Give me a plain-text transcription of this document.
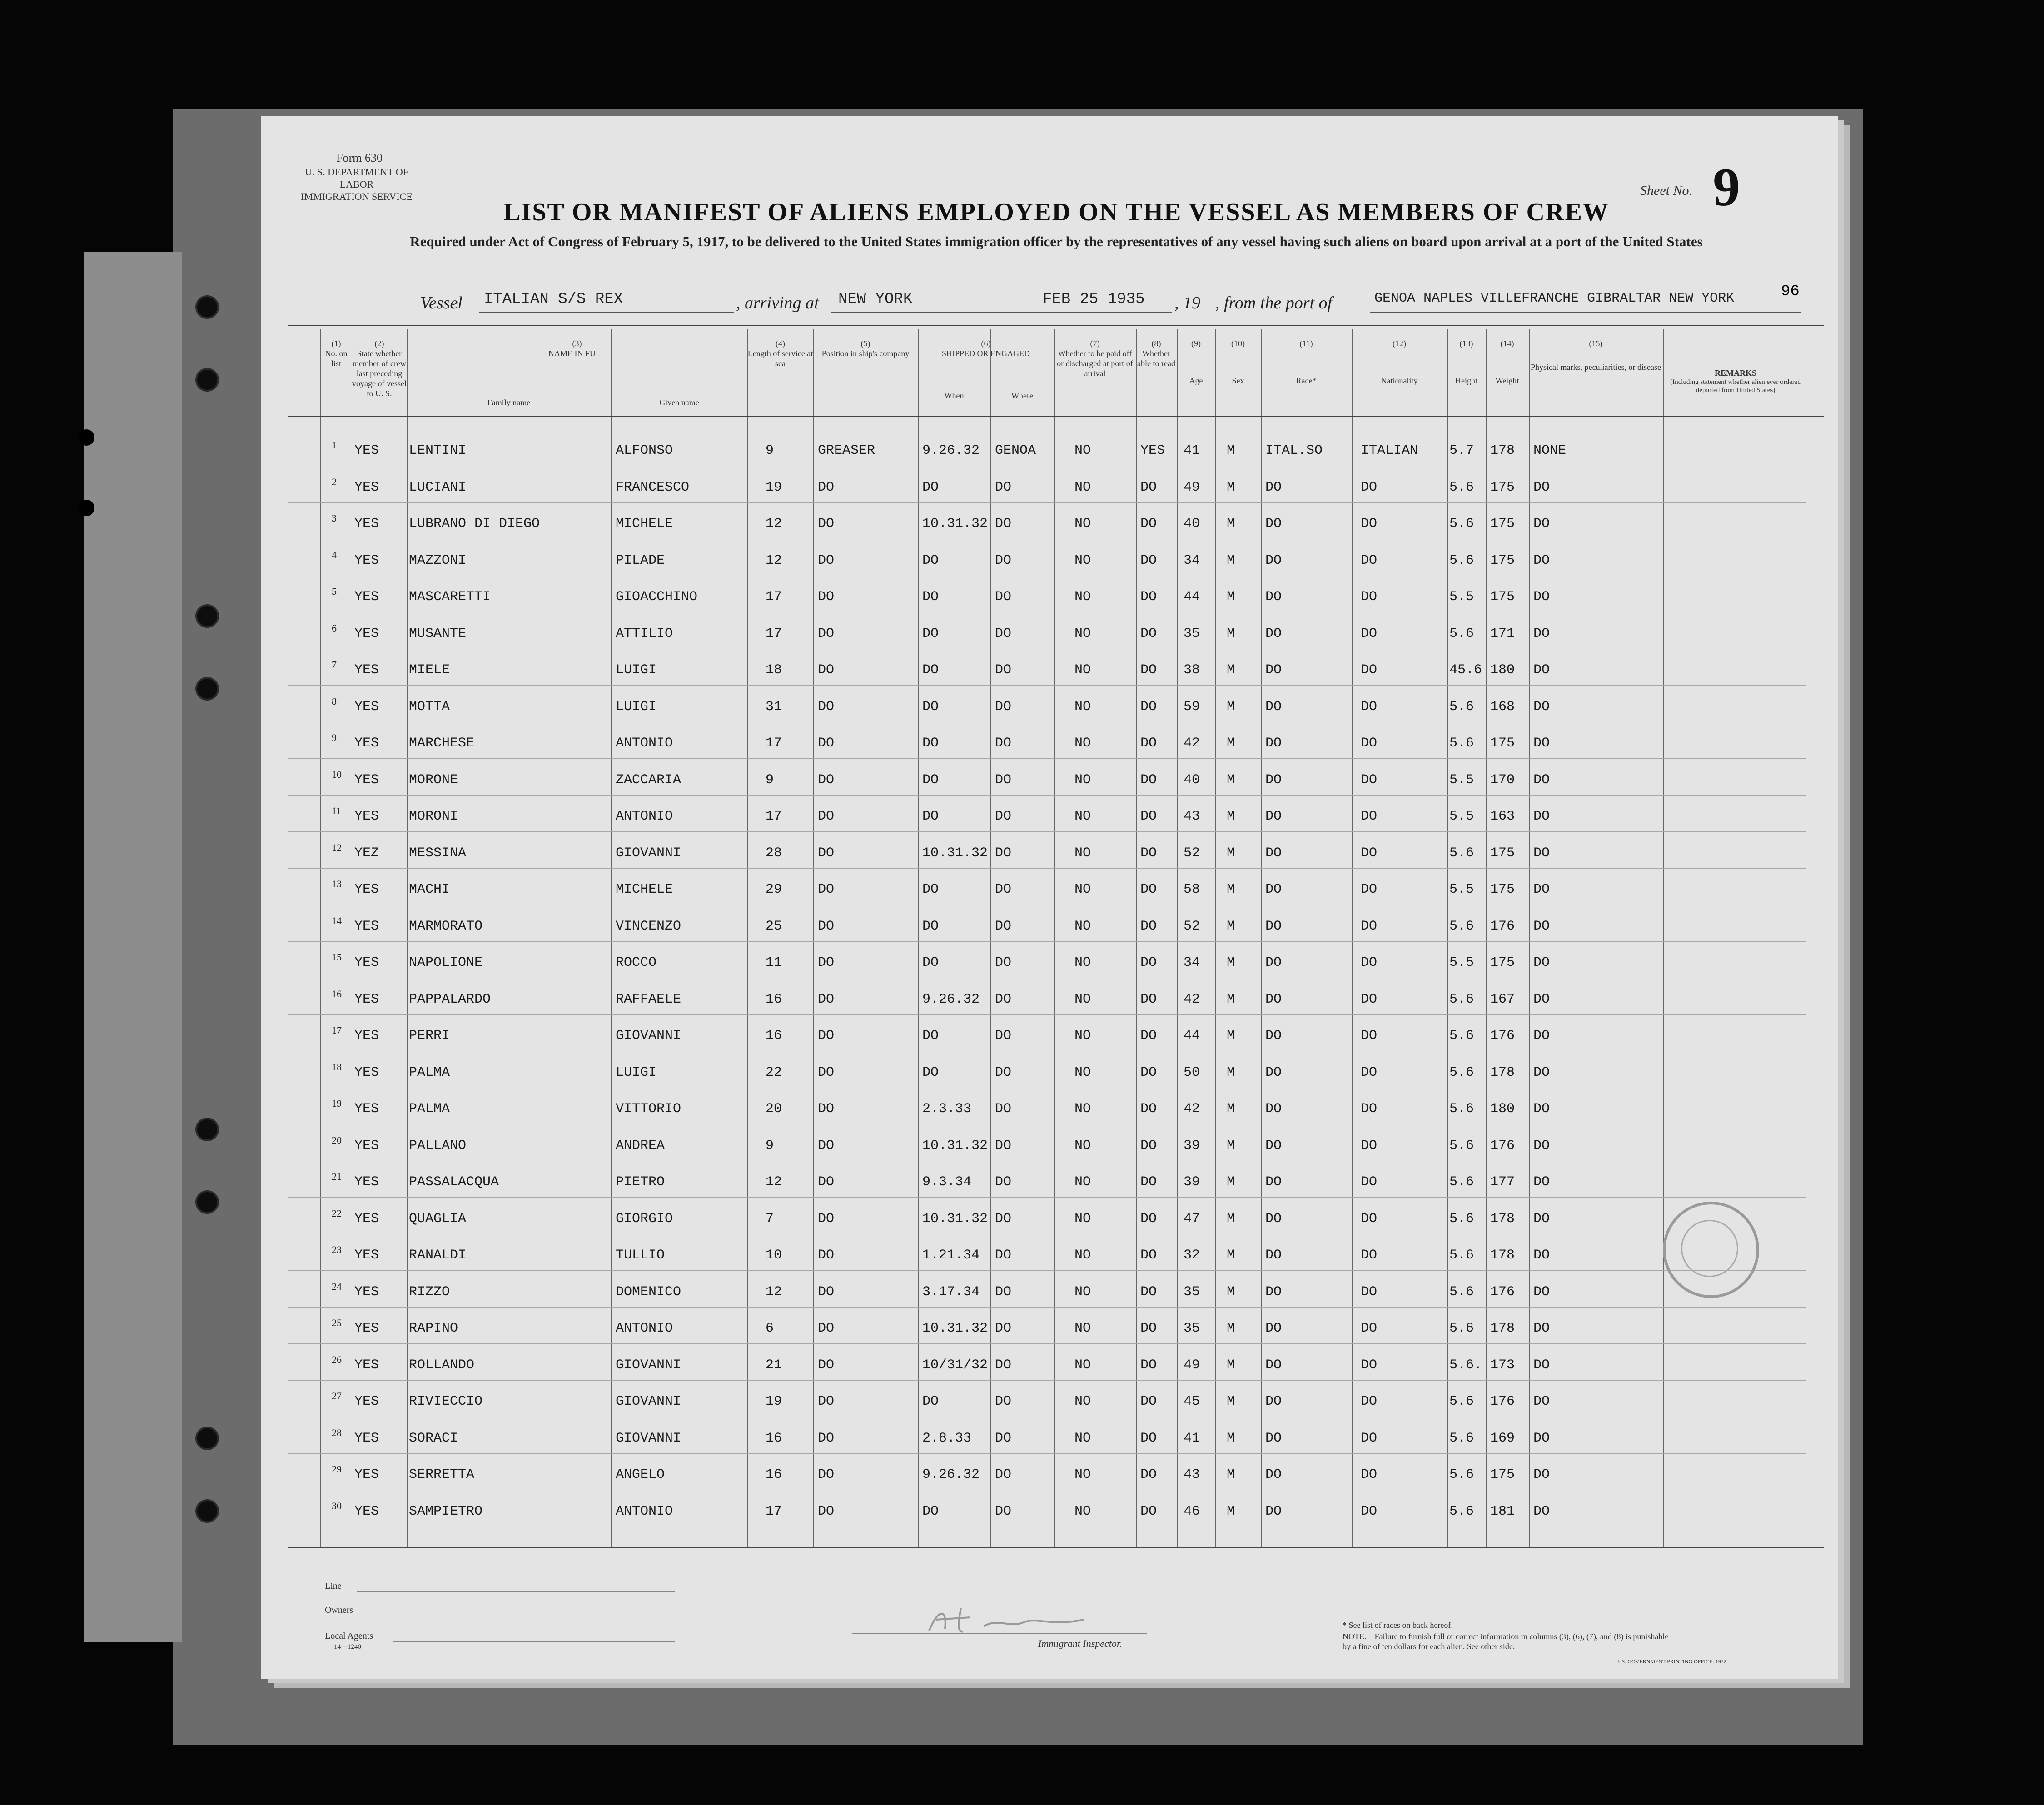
Form 630
U. S. DEPARTMENT OF LABOR
IMMIGRATION SERVICE	Sheet No. 9
LIST OR MANIFEST OF ALIENS EMPLOYED ON THE VESSEL AS MEMBERS OF CREW
Required under Act of Congress of February 5, 1917, to be delivered to the United States immigration officer by the representatives of any vessel having such aliens on board upon arrival at a port of the United States
Vessel ITALIAN S/S REX	, arriving at NEW YORK	FEB 25 1935 , 19 , from the port of	GENOA NAPLES VILLEFRANCHE GIBRALTAR NEW YORK	96
(1)
No. on list
(2)
State whether member of crew last preceding voyage of vessel to U. S.
(3)
NAME IN FULL
Family name	Given name
(4)
Length of service at sea
(5)
Position in ship's company
(6)
SHIPPED OR ENGAGED
When	Where
(7)
Whether to be paid off or discharged at port of arrival
(8)
Whether able to read
(9)
Age
(10)
Sex
(11)
Race*
(12)
Nationality
(13)
Height
(14)
Weight
(15)
Physical marks, peculiarities, or disease
REMARKS
(Including statement whether alien ever ordered deported from United States)
1 YES LENTINI	ALFONSO	9	GREASER	9.26.32 GENOA	NO	YES 41 M ITAL.SO	ITALIAN 5.7 178 NONE
2 YES LUCIANI	FRANCESCO	19	DO	DO	DO	NO	DO 49 M DO	DO	5.6 175 DO
3 YES LUBRANO DI DIEGO	MICHELE	12	DO	10.31.32 DO	NO	DO 40 M DO	DO	5.6 175 DO
4 YES MAZZONI	PILADE	12	DO	DO	DO	NO	DO 34 M DO	DO	5.6 175 DO
5 YES MASCARETTI	GIOACCHINO	17	DO	DO	DO	NO	DO 44 M DO	DO	5.5 175 DO
6 YES MUSANTE	ATTILIO	17	DO	DO	DO	NO	DO 35 M DO	DO	5.6 171 DO
7 YES MIELE	LUIGI	18	DO	DO	DO	NO	DO 38 M DO	DO	45.6 180 DO
8 YES MOTTA	LUIGI	31	DO	DO	DO	NO	DO 59 M DO	DO	5.6 168 DO
9 YES MARCHESE	ANTONIO	17	DO	DO	DO	NO	DO 42 M DO	DO	5.6 175 DO
10 YES MORONE	ZACCARIA	9	DO	DO	DO	NO	DO 40 M DO	DO	5.5 170 DO
11 YES MORONI	ANTONIO	17	DO	DO	DO	NO	DO 43 M DO	DO	5.5 163 DO
12 YEZ MESSINA	GIOVANNI	28	DO	10.31.32 DO	NO	DO 52 M DO	DO	5.6 175 DO
13 YES MACHI	MICHELE	29	DO	DO	DO	NO	DO 58 M DO	DO	5.5 175 DO
14 YES MARMORATO	VINCENZO	25	DO	DO	DO	NO	DO 52 M DO	DO	5.6 176 DO
15 YES NAPOLIONE	ROCCO	11	DO	DO	DO	NO	DO 34 M DO	DO	5.5 175 DO
16 YES PAPPALARDO	RAFFAELE	16	DO	9.26.32 DO	NO	DO 42 M DO	DO	5.6 167 DO
17 YES PERRI	GIOVANNI	16	DO	DO	DO	NO	DO 44 M DO	DO	5.6 176 DO
18 YES PALMA	LUIGI	22	DO	DO	DO	NO	DO 50 M DO	DO	5.6 178 DO
19 YES PALMA	VITTORIO	20	DO	2.3.33 DO	NO	DO 42 M DO	DO	5.6 180 DO
20 YES PALLANO	ANDREA	9	DO	10.31.32 DO	NO	DO 39 M DO	DO	5.6 176 DO
21 YES PASSALACQUA	PIETRO	12	DO	9.3.34 DO	NO	DO 39 M DO	DO	5.6 177 DO
22 YES QUAGLIA	GIORGIO	7	DO	10.31.32 DO	NO	DO 47 M DO	DO	5.6 178 DO
23 YES RANALDI	TULLIO	10	DO	1.21.34 DO	NO	DO 32 M DO	DO	5.6 178 DO
24 YES RIZZO	DOMENICO	12	DO	3.17.34 DO	NO	DO 35 M DO	DO	5.6 176 DO
25 YES RAPINO	ANTONIO	6	DO	10.31.32 DO	NO	DO 35 M DO	DO	5.6 178 DO
26 YES ROLLANDO	GIOVANNI	21	DO	10/31/32 DO	NO	DO 49 M DO	DO	5.6. 173 DO
27 YES RIVIECCIO	GIOVANNI	19	DO	DO	DO	NO	DO 45 M DO	DO	5.6 176 DO
28 YES SORACI	GIOVANNI	16	DO	2.8.33 DO	NO	DO 41 M DO	DO	5.6 169 DO
29 YES SERRETTA	ANGELO	16	DO	9.26.32 DO	NO	DO 43 M DO	DO	5.6 175 DO
30 YES SAMPIETRO	ANTONIO	17	DO	DO	DO	NO	DO 46 M DO	DO	5.6 181 DO
Line
Owners
Local Agents
14—1240	Immigrant Inspector.
* See list of races on back hereof.
NOTE.—Failure to furnish full or correct information in columns (3), (6), (7), and (8) is punishable by a fine of ten dollars for each alien. See other side.
U. S. GOVERNMENT PRINTING OFFICE: 1932
